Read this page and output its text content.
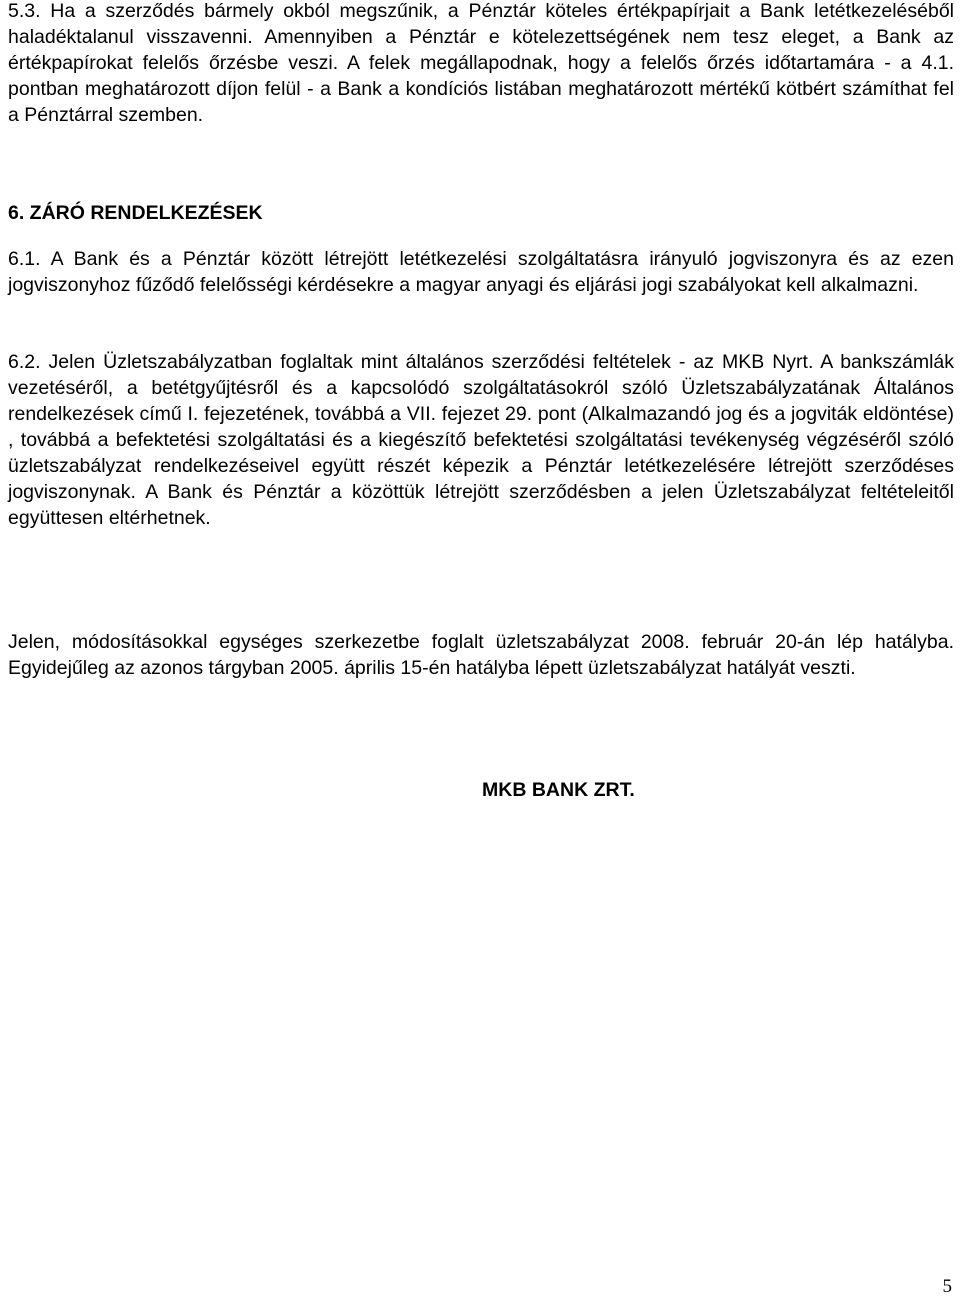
5.3. Ha a szerződés bármely okból megszűnik, a Pénztár köteles értékpapírjait a Bank letétkezeléséből haladéktalanul visszavenni. Amennyiben a Pénztár e kötelezettségének nem tesz eleget, a Bank az értékpapírokat felelős őrzésbe veszi. A felek megállapodnak, hogy a felelős őrzés időtartamára - a 4.1. pontban meghatározott díjon felül - a Bank a kondíciós listában meghatározott mértékű kötbért számíthat fel a Pénztárral szemben.

6. ZÁRÓ RENDELKEZÉSEK

6.1. A Bank és a Pénztár között létrejött letétkezelési szolgáltatásra irányuló jogviszonyra és az ezen jogviszonyhoz fűződő felelősségi kérdésekre a magyar anyagi és eljárási jogi szabályokat kell alkalmazni.

6.2. Jelen Üzletszabályzatban foglaltak mint általános szerződési feltételek - az MKB Nyrt. A bankszámlák vezetéséről, a betétgyűjtésről és a kapcsolódó szolgáltatásokról szóló Üzletszabályzatának Általános rendelkezések című I. fejezetének, továbbá a VII. fejezet 29. pont (Alkalmazandó jog és a jogviták eldöntése) , továbbá a befektetési szolgáltatási és a kiegészítő befektetési szolgáltatási tevékenység végzéséről szóló üzletszabályzat rendelkezéseivel együtt részét képezik a Pénztár letétkezelésére létrejött szerződéses jogviszonynak. A Bank és Pénztár a közöttük létrejött szerződésben a jelen Üzletszabályzat feltételeitől együttesen eltérhetnek.

Jelen, módosításokkal egységes szerkezetbe foglalt üzletszabályzat 2008. február 20-án lép hatályba. Egyidejűleg az azonos tárgyban 2005. április 15-én hatályba lépett üzletszabályzat hatályát veszti.

MKB BANK ZRT.

5
